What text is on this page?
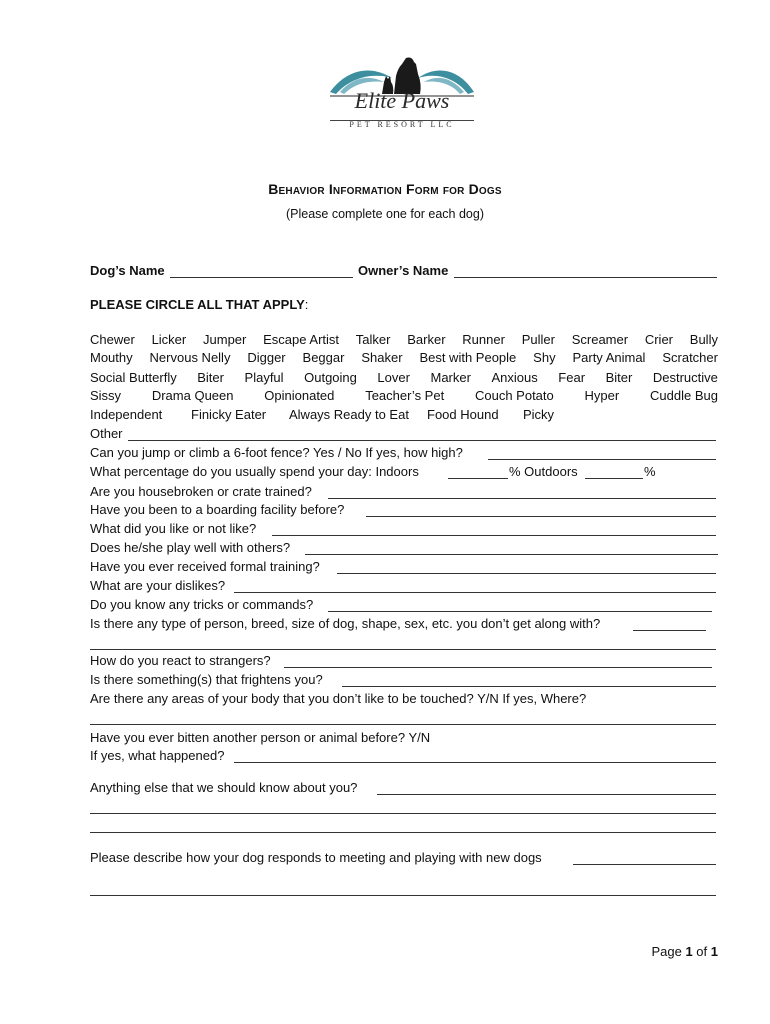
Elite Paws
PET RESORT LLC
Behavior Information Form for Dogs
(Please complete one for each dog)
Dog’s Name	Owner’s Name
PLEASE CIRCLE ALL THAT APPLY:
Chewer Licker Jumper Escape Artist Talker Barker Runner Puller Screamer Crier Bully
Mouthy Nervous Nelly Digger Beggar Shaker Best with People Shy Party Animal Scratcher
Social Butterfly Biter Playful Outgoing Lover Marker Anxious Fear Biter Destructive
Sissy Drama Queen Opinionated Teacher’s Pet Couch Potato Hyper Cuddle Bug
Independent Finicky Eater Always Ready to Eat Food Hound Picky
Other
Can you jump or climb a 6-foot fence? Yes / No If yes, how high?
What percentage do you usually spend your day: Indoors	% Outdoors	%
Are you housebroken or crate trained?
Have you been to a boarding facility before?
What did you like or not like?
Does he/she play well with others?
Have you ever received formal training?
What are your dislikes?
Do you know any tricks or commands?
Is there any type of person, breed, size of dog, shape, sex, etc. you don’t get along with?
How do you react to strangers?
Is there something(s) that frightens you?
Are there any areas of your body that you don’t like to be touched? Y/N If yes, Where?
Have you ever bitten another person or animal before? Y/N
If yes, what happened?
Anything else that we should know about you?
Please describe how your dog responds to meeting and playing with new dogs
Page 1 of 1
